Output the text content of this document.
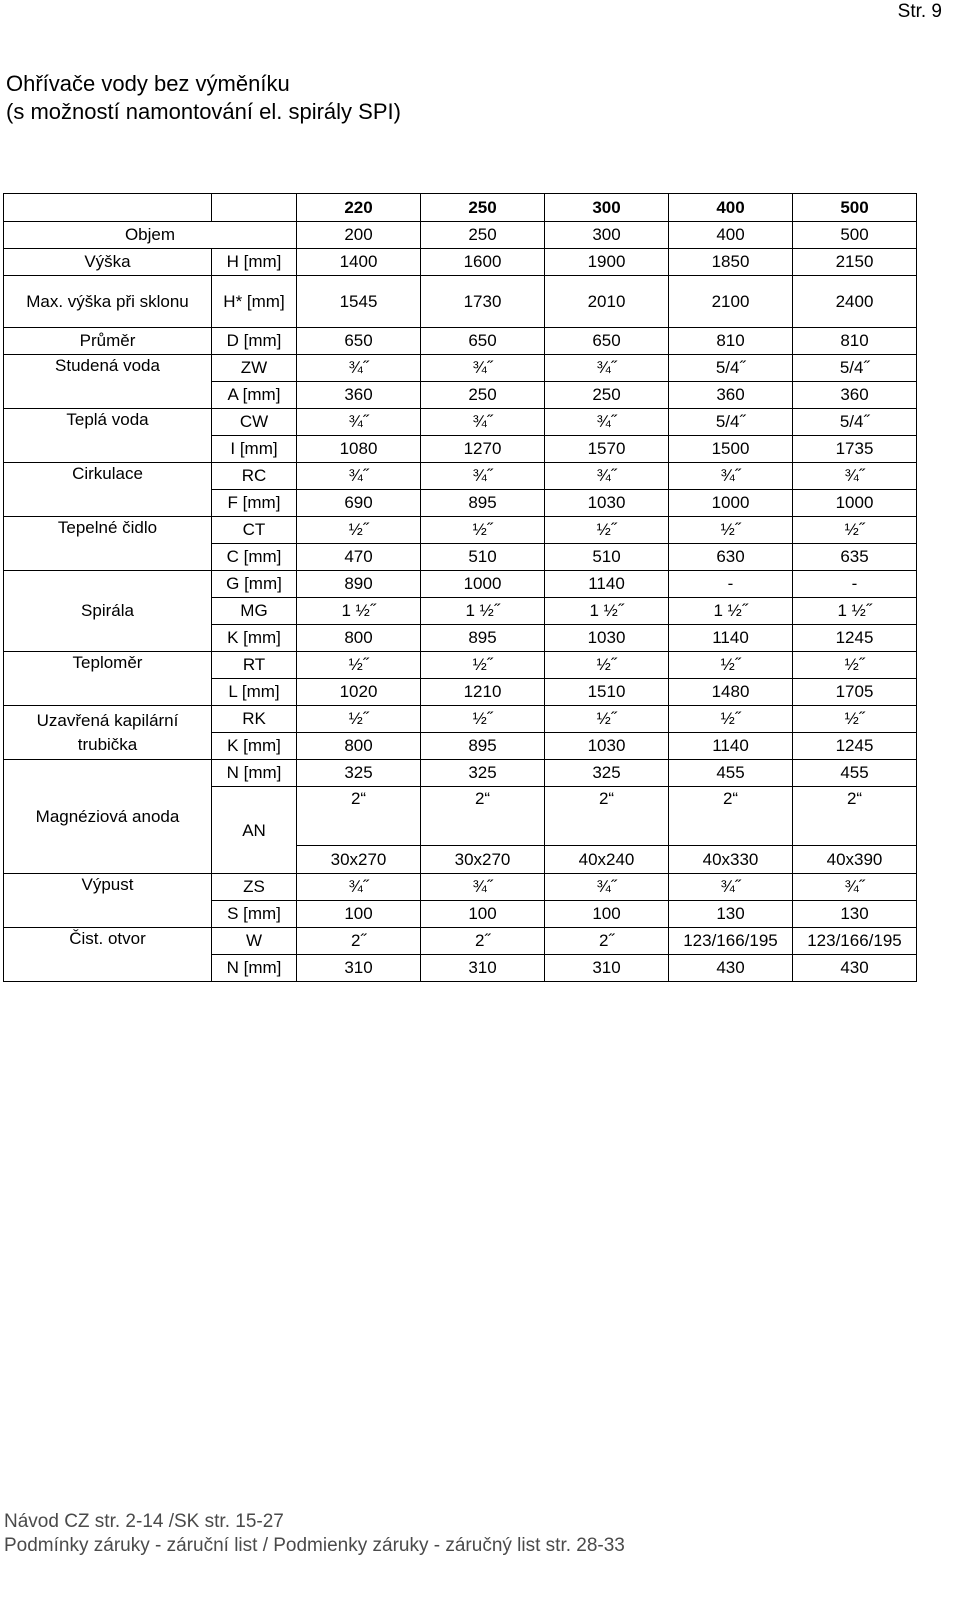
Str. 9
Ohřívače vody bez výměníku
(s možností namontování el. spirály SPI)
		220	250	300	400	500
Objem		200	250	300	400	500
Výška	H [mm]	1400	1600	1900	1850	2150
Max. výška při sklonu	H* [mm]	1545	1730	2010	2100	2400
Průměr	D [mm]	650	650	650	810	810
Studená voda	ZW	¾˝	¾˝	¾˝	5/4˝	5/4˝
	A [mm]	360	250	250	360	360
Teplá voda	CW	¾˝	¾˝	¾˝	5/4˝	5/4˝
	I [mm]	1080	1270	1570	1500	1735
Cirkulace	RC	¾˝	¾˝	¾˝	¾˝	¾˝
	F [mm]	690	895	1030	1000	1000
Tepelné čidlo	CT	½˝	½˝	½˝	½˝	½˝
	C [mm]	470	510	510	630	635
Spirála	G [mm]	890	1000	1140	-	-
	MG	1 ½˝	1 ½˝	1 ½˝	1 ½˝	1 ½˝
	K [mm]	800	895	1030	1140	1245
Teploměr	RT	½˝	½˝	½˝	½˝	½˝
	L [mm]	1020	1210	1510	1480	1705
Uzavřená kapilární trubička	RK	½˝	½˝	½˝	½˝	½˝
	K [mm]	800	895	1030	1140	1245
Magnéziová anoda	N [mm]	325	325	325	455	455
	AN	2“	2“	2“	2“	2“
		30x270	30x270	40x240	40x330	40x390
Výpust	ZS	¾˝	¾˝	¾˝	¾˝	¾˝
	S [mm]	100	100	100	130	130
Čist. otvor	W	2˝	2˝	2˝	123/166/195	123/166/195
	N [mm]	310	310	310	430	430
Návod CZ str. 2-14 /SK str. 15-27
Podmínky záruky - záruční list / Podmienky záruky - záručný list str. 28-33
